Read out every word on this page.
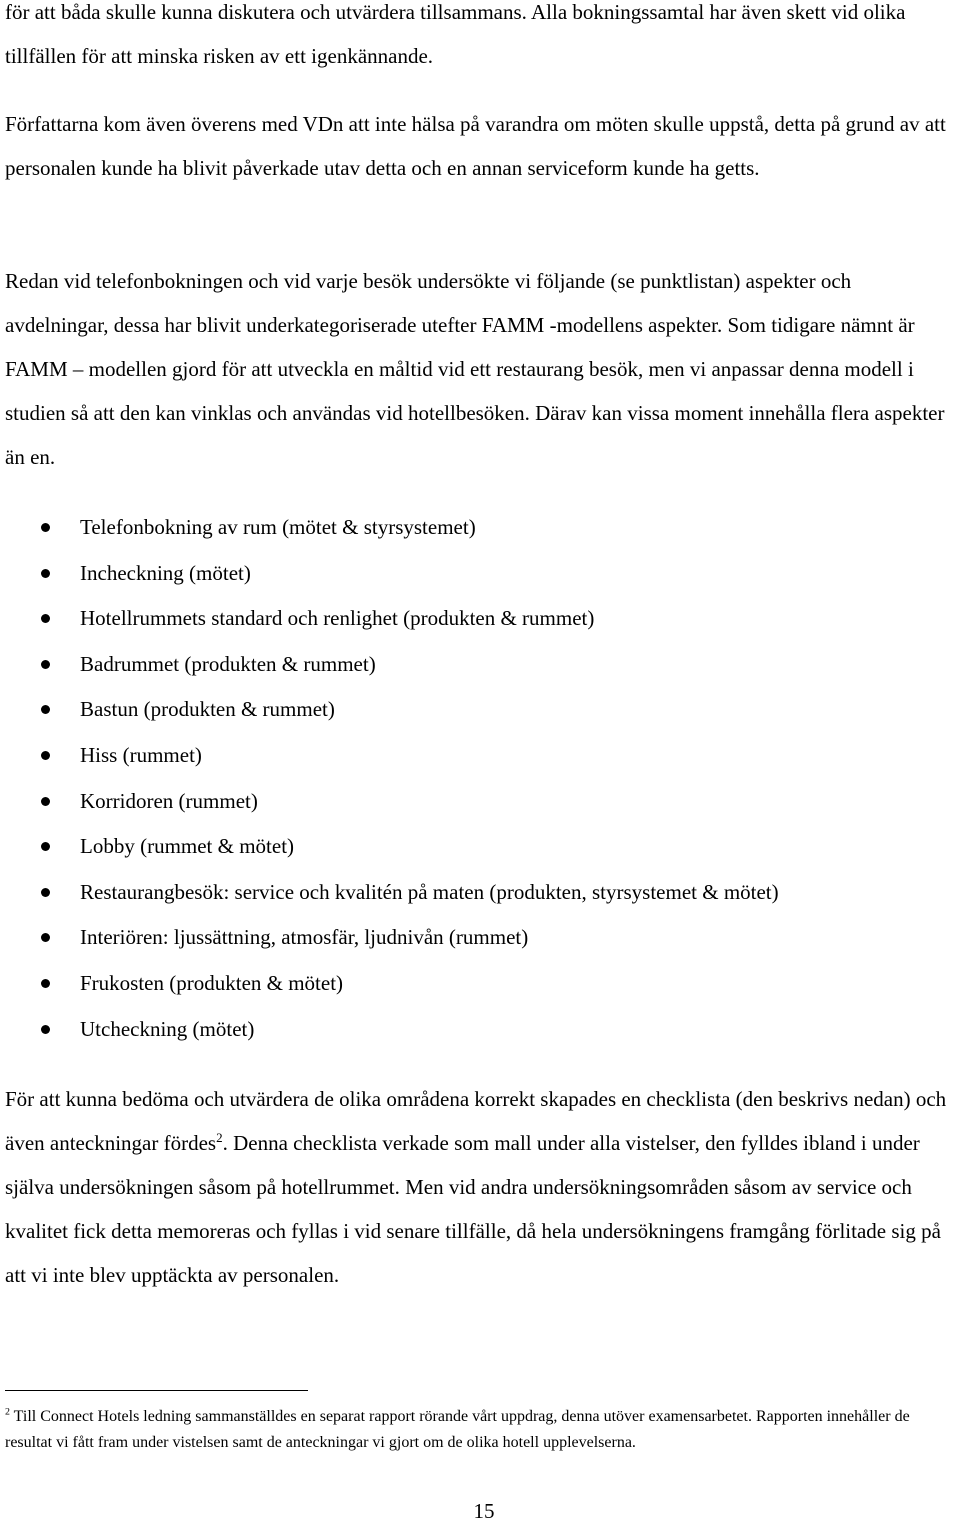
för att båda skulle kunna diskutera och utvärdera tillsammans. Alla bokningssamtal har även skett vid olika tillfällen för att minska risken av ett igenkännande.

Författarna kom även överens med VDn att inte hälsa på varandra om möten skulle uppstå, detta på grund av att personalen kunde ha blivit påverkade utav detta och en annan serviceform kunde ha getts.

Redan vid telefonbokningen och vid varje besök undersökte vi följande (se punktlistan) aspekter och avdelningar, dessa har blivit underkategoriserade utefter FAMM -modellens aspekter. Som tidigare nämnt är FAMM – modellen gjord för att utveckla en måltid vid ett restaurang besök, men vi anpassar denna modell i studien så att den kan vinklas och användas vid hotellbesöken. Därav kan vissa moment innehålla flera aspekter än en.

Telefonbokning av rum (mötet & styrsystemet)
Incheckning (mötet)
Hotellrummets standard och renlighet (produkten & rummet)
Badrummet (produkten & rummet)
Bastun (produkten & rummet)
Hiss (rummet)
Korridoren (rummet)
Lobby (rummet & mötet)
Restaurangbesök: service och kvalitén på maten (produkten, styrsystemet & mötet)
Interiören: ljussättning, atmosfär, ljudnivån (rummet)
Frukosten (produkten & mötet)
Utcheckning (mötet)

För att kunna bedöma och utvärdera de olika områdena korrekt skapades en checklista (den beskrivs nedan) och även anteckningar fördes$^2$. Denna checklista verkade som mall under alla vistelser, den fylldes ibland i under själva undersökningen såsom på hotellrummet. Men vid andra undersökningsområden såsom av service och kvalitet fick detta memoreras och fyllas i vid senare tillfälle, då hela undersökningens framgång förlitade sig på att vi inte blev upptäckta av personalen.

$^2$ Till Connect Hotels ledning sammanställdes en separat rapport rörande vårt uppdrag, denna utöver examensarbetet. Rapporten innehåller de resultat vi fått fram under vistelsen samt de anteckningar vi gjort om de olika hotell upplevelserna.

15
